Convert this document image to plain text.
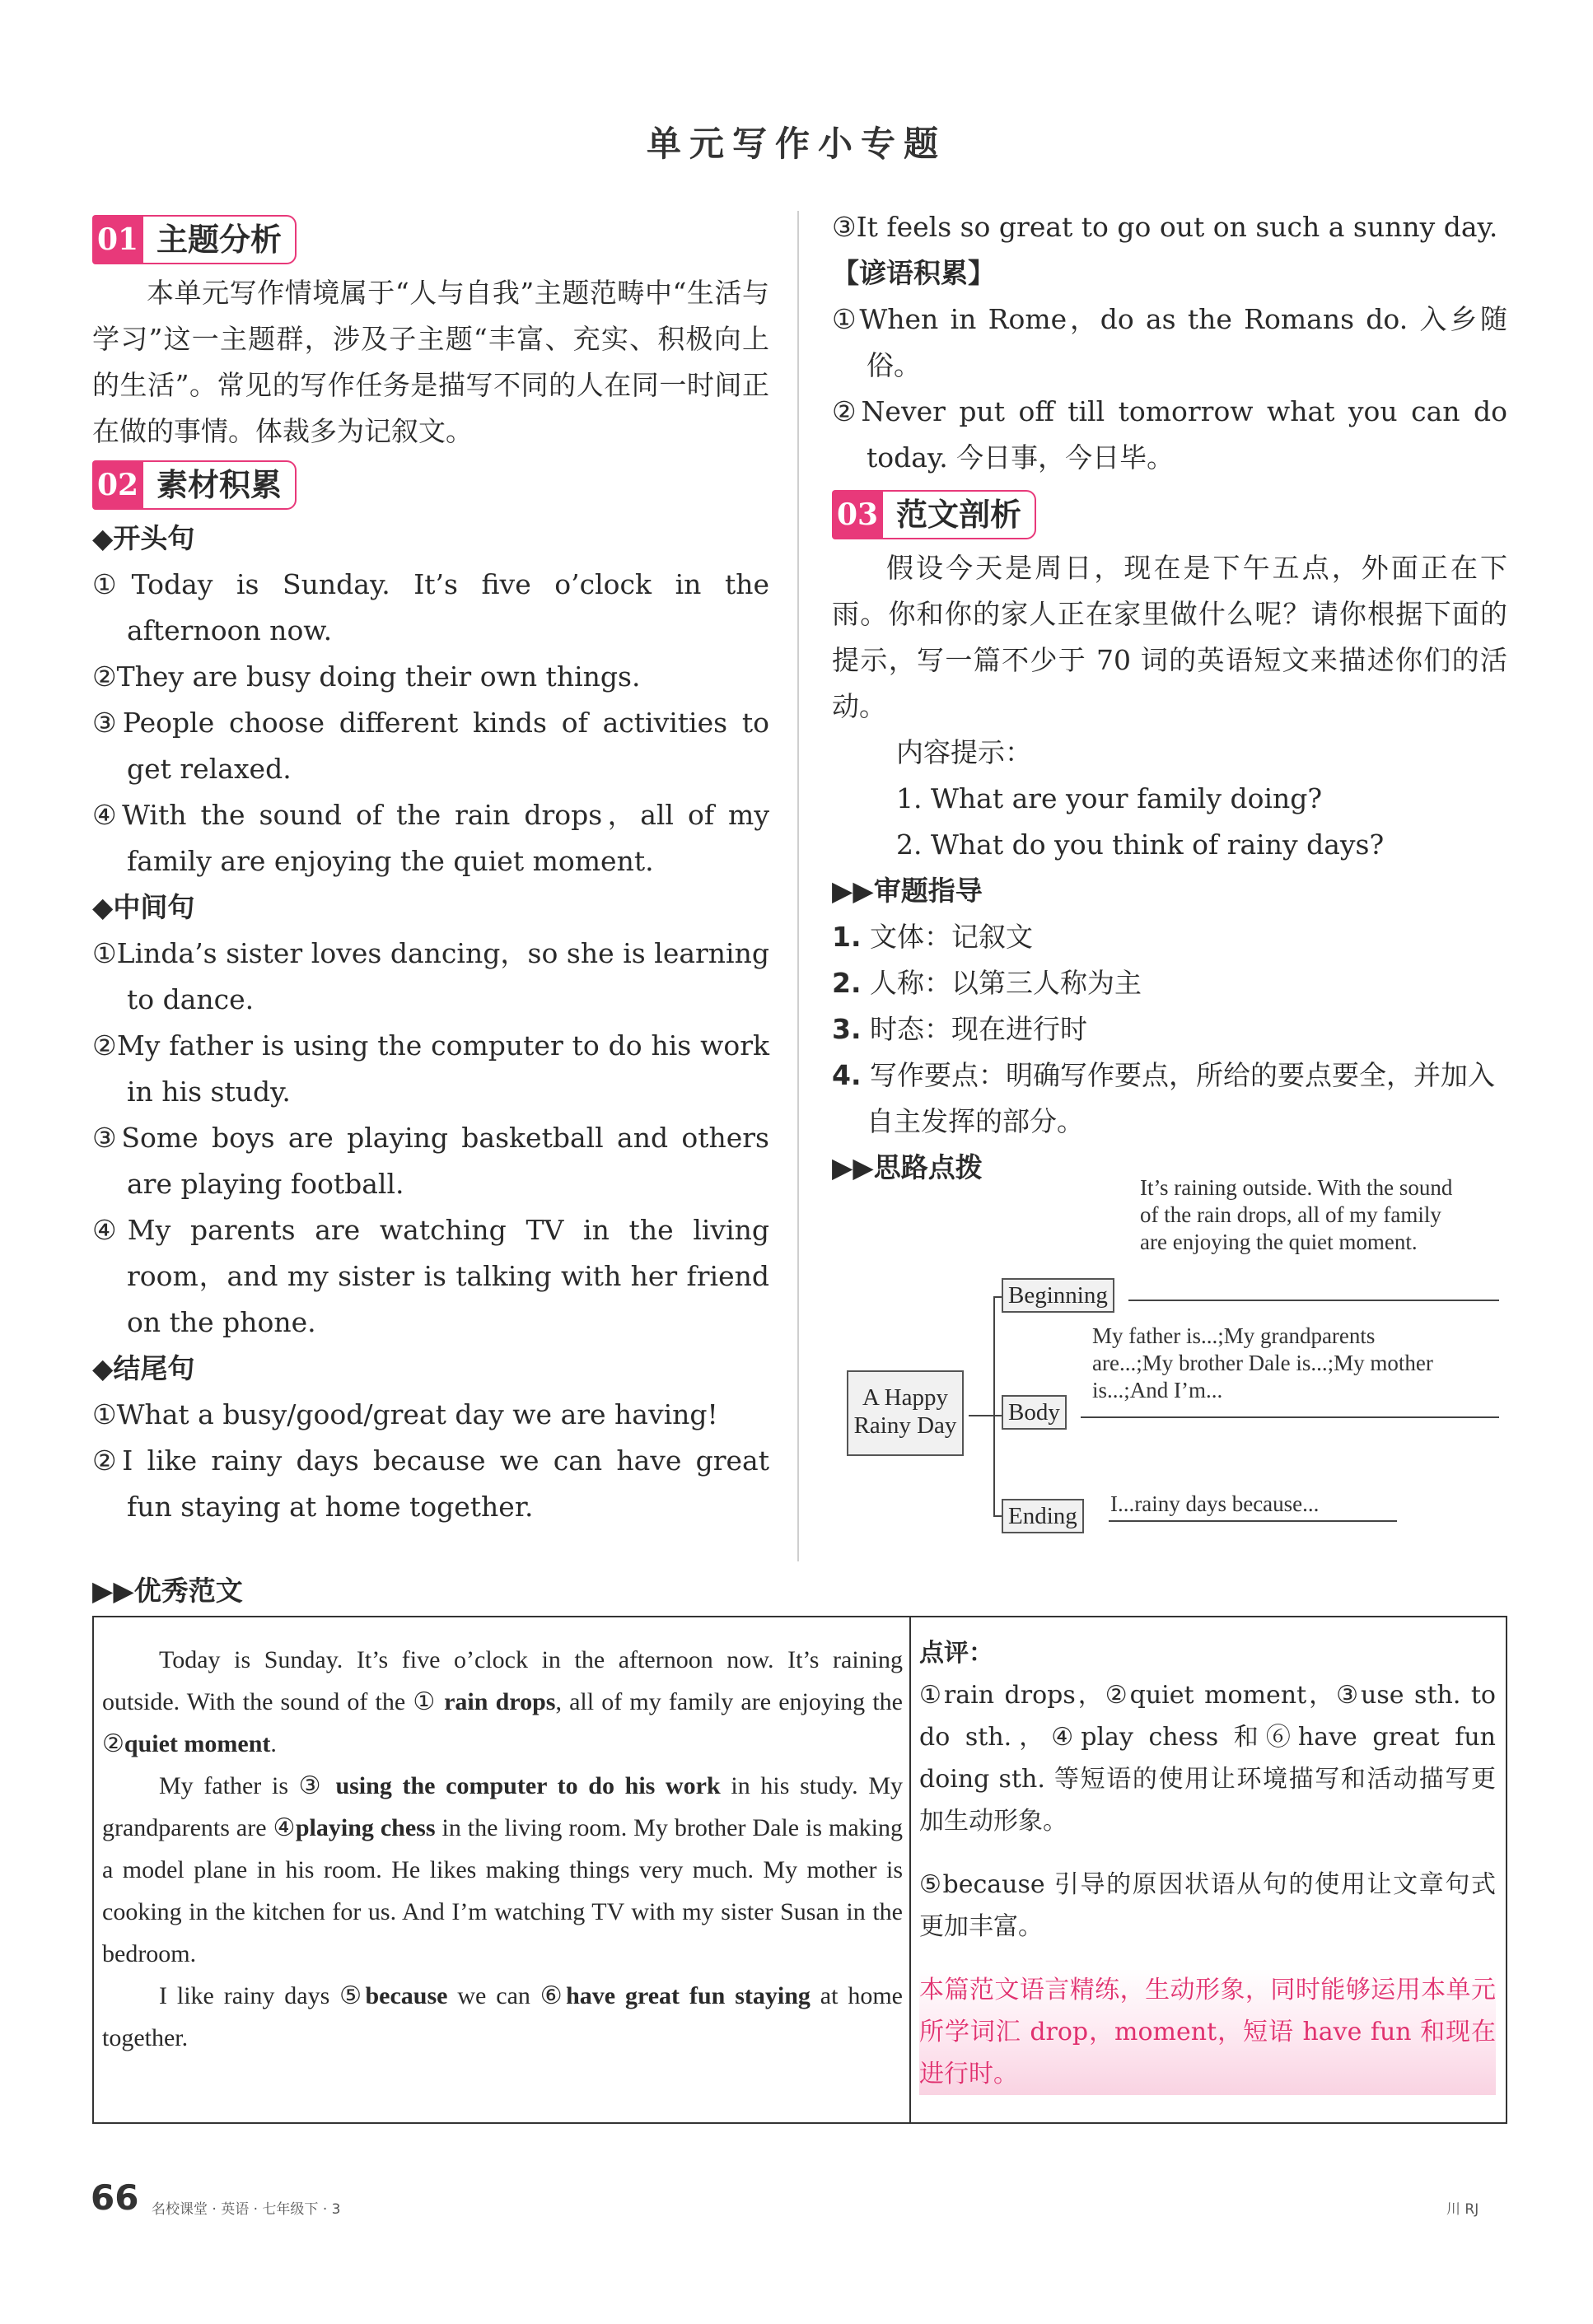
单元写作小专题
01 主题分析
本单元写作情境属于“人与自我”主题范畴中“生活与学习”这一主题群，涉及子主题“丰富、充实、积极向上的生活”。常见的写作任务是描写不同的人在同一时间正在做的事情。体裁多为记叙文。
02 素材积累
◆开头句
①Today is Sunday. It’s five o’clock in the afternoon now.
②They are busy doing their own things.
③People choose different kinds of activities to get relaxed.
④With the sound of the rain drops，all of my family are enjoying the quiet moment.
◆中间句
①Linda’s sister loves dancing，so she is learning to dance.
②My father is using the computer to do his work in his study.
③Some boys are playing basketball and others are playing football.
④My parents are watching TV in the living room，and my sister is talking with her friend on the phone.
◆结尾句
①What a busy/good/great day we are having!
②I like rainy days because we can have great fun staying at home together.
③It feels so great to go out on such a sunny day.
【谚语积累】
①When in Rome，do as the Romans do. 入乡随俗。
②Never put off till tomorrow what you can do today. 今日事，今日毕。
03 范文剖析
假设今天是周日，现在是下午五点，外面正在下雨。你和你的家人正在家里做什么呢？请你根据下面的提示，写一篇不少于 70 词的英语短文来描述你们的活动。
内容提示：
1. What are your family doing?
2. What do you think of rainy days?
▶▶审题指导
1. 文体：记叙文
2. 人称：以第三人称为主
3. 时态：现在进行时
4. 写作要点：明确写作要点，所给的要点要全，并加入自主发挥的部分。
▶▶思路点拨
A Happy Rainy Day
Beginning
It’s raining outside. With the sound of the rain drops, all of my family are enjoying the quiet moment.
Body
My father is...;My grandparents are...;My brother Dale is...;My mother is...;And I’m...
Ending I...rainy days because...
▶▶优秀范文

Today is Sunday. It’s five o’clock in the afternoon now. It’s raining outside. With the sound of the ① rain drops, all of my family are enjoying the ②quiet moment.

My father is ③ using the computer to do his work in his study. My grandparents are ④playing chess in the living room. My brother Dale is making a model plane in his room. He likes making things very much. My mother is cooking in the kitchen for us. And I’m watching TV with my sister Susan in the bedroom.

I like rainy days ⑤because we can ⑥have great fun staying at home together.

点评：

①rain drops，②quiet moment，③use sth. to do sth.，④play chess 和⑥have great fun doing sth. 等短语的使用让环境描写和活动描写更加生动形象。

⑤because 引导的原因状语从句的使用让文章句式更加丰富。

本篇范文语言精练，生动形象，同时能够运用本单元所学词汇 drop，moment，短语 have fun 和现在进行时。

66 名校课堂 · 英语 · 七年级下 · 3	川 RJ
